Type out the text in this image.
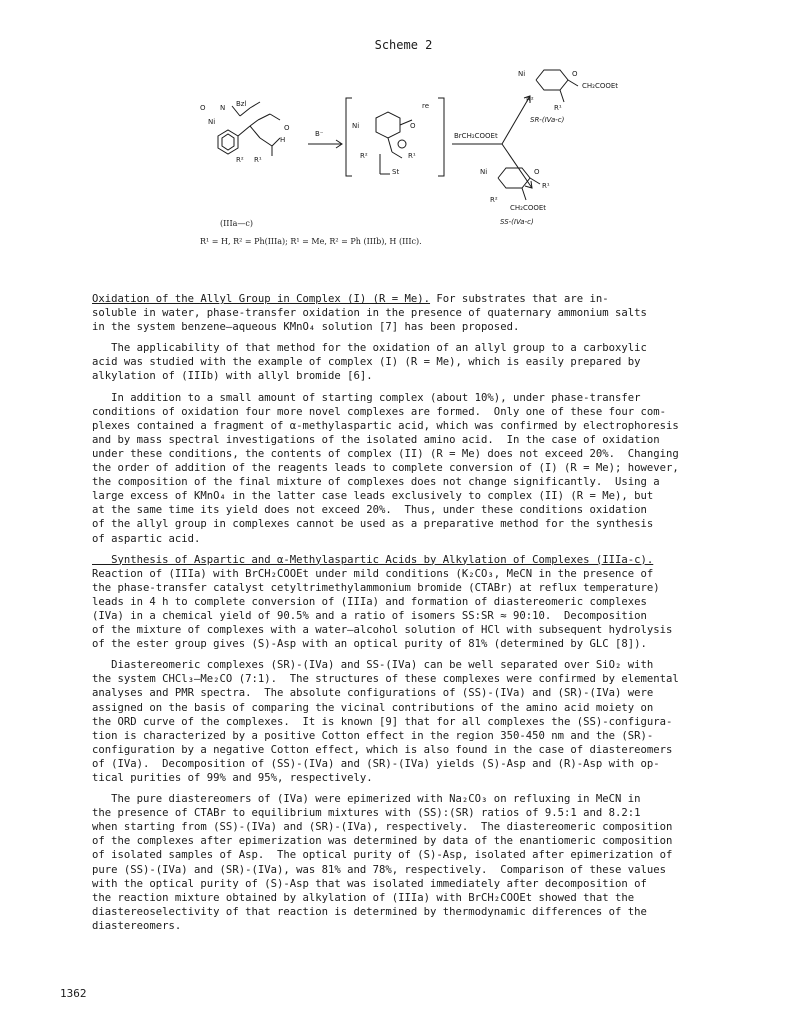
Scheme 2
O N Bzl
Ni
O
H
R² R¹
B⁻
re
Ni	O
R²	R¹
St
BrCH₂COOEt
Ni	O
CH₂COOEt
R²
R¹
SR-(IVa-c)
Ni	O
R¹
R²
CH₂COOEt
SS-(IVa-c)
(IIIa—c)
R¹ = H, R² = Ph(IIIa); R¹ = Me, R² = Ph (IIIb), H (IIIc).
Oxidation of the Allyl Group in Complex (I) (R = Me). For substrates that are in-
soluble in water, phase-transfer oxidation in the presence of quaternary ammonium salts
in the system benzene—aqueous KMnO₄ solution [7] has been proposed.
The applicability of that method for the oxidation of an allyl group to a carboxylic
acid was studied with the example of complex (I) (R = Me), which is easily prepared by
alkylation of (IIIb) with allyl bromide [6].
In addition to a small amount of starting complex (about 10%), under phase-transfer
conditions of oxidation four more novel complexes are formed.  Only one of these four com-
plexes contained a fragment of α-methylaspartic acid, which was confirmed by electrophoresis
and by mass spectral investigations of the isolated amino acid.  In the case of oxidation
under these conditions, the contents of complex (II) (R = Me) does not exceed 20%.  Changing
the order of addition of the reagents leads to complete conversion of (I) (R = Me); however,
the composition of the final mixture of complexes does not change significantly.  Using a
large excess of KMnO₄ in the latter case leads exclusively to complex (II) (R = Me), but
at the same time its yield does not exceed 20%.  Thus, under these conditions oxidation
of the allyl group in complexes cannot be used as a preparative method for the synthesis
of aspartic acid.
Synthesis of Aspartic and α-Methylaspartic Acids by Alkylation of Complexes (IIIa-c).
Reaction of (IIIa) with BrCH₂COOEt under mild conditions (K₂CO₃, MeCN in the presence of
the phase-transfer catalyst cetyltrimethylammonium bromide (CTABr) at reflux temperature)
leads in 4 h to complete conversion of (IIIa) and formation of diastereomeric complexes
(IVa) in a chemical yield of 90.5% and a ratio of isomers SS:SR ≈ 90:10.  Decomposition
of the mixture of complexes with a water—alcohol solution of HCl with subsequent hydrolysis
of the ester group gives (S)-Asp with an optical purity of 81% (determined by GLC [8]).
Diastereomeric complexes (SR)-(IVa) and SS-(IVa) can be well separated over SiO₂ with
the system CHCl₃—Me₂CO (7:1).  The structures of these complexes were confirmed by elemental
analyses and PMR spectra.  The absolute configurations of (SS)-(IVa) and (SR)-(IVa) were
assigned on the basis of comparing the vicinal contributions of the amino acid moiety on
the ORD curve of the complexes.  It is known [9] that for all complexes the (SS)-configura-
tion is characterized by a positive Cotton effect in the region 350-450 nm and the (SR)-
configuration by a negative Cotton effect, which is also found in the case of diastereomers
of (IVa).  Decomposition of (SS)-(IVa) and (SR)-(IVa) yields (S)-Asp and (R)-Asp with op-
tical purities of 99% and 95%, respectively.
The pure diastereomers of (IVa) were epimerized with Na₂CO₃ on refluxing in MeCN in
the presence of CTABr to equilibrium mixtures with (SS):(SR) ratios of 9.5:1 and 8.2:1
when starting from (SS)-(IVa) and (SR)-(IVa), respectively.  The diastereomeric composition
of the complexes after epimerization was determined by data of the enantiomeric composition
of isolated samples of Asp.  The optical purity of (S)-Asp, isolated after epimerization of
pure (SS)-(IVa) and (SR)-(IVa), was 81% and 78%, respectively.  Comparison of these values
with the optical purity of (S)-Asp that was isolated immediately after decomposition of
the reaction mixture obtained by alkylation of (IIIa) with BrCH₂COOEt showed that the
diastereoselectivity of that reaction is determined by thermodynamic differences of the
diastereomers.
1362
